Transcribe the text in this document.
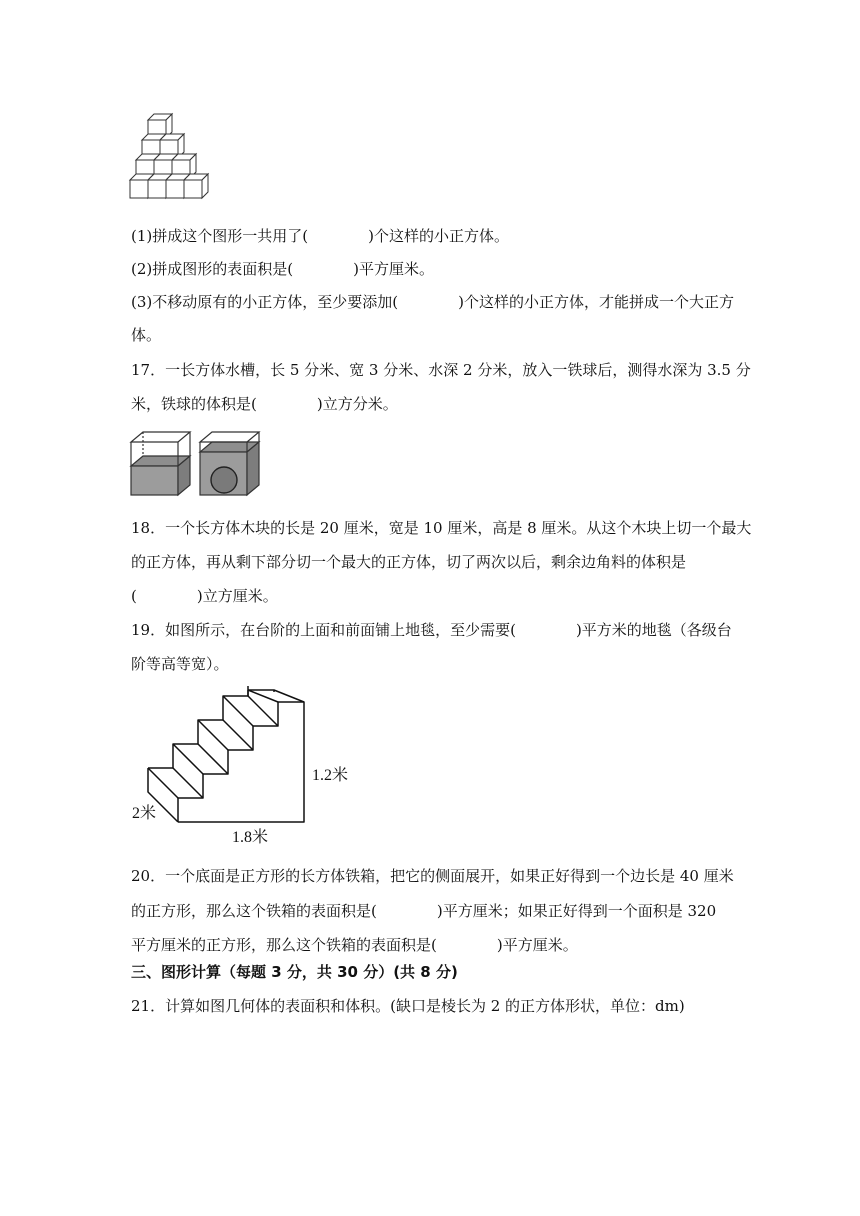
(1)拼成这个图形一共用了(　　　　)个这样的小正方体。
(2)拼成图形的表面积是(　　　　)平方厘米。
(3)不移动原有的小正方体，至少要添加(　　　　)个这样的小正方体，才能拼成一个大正方
体。
17．一长方体水槽，长 5 分米、宽 3 分米、水深 2 分米，放入一铁球后，测得水深为 3.5 分
米，铁球的体积是(　　　　)立方分米。
18．一个长方体木块的长是 20 厘米，宽是 10 厘米，高是 8 厘米。从这个木块上切一个最大
的正方体，再从剩下部分切一个最大的正方体，切了两次以后，剩余边角料的体积是
(　　　　)立方厘米。
19．如图所示，在台阶的上面和前面铺上地毯，至少需要(　　　　)平方米的地毯（各级台
阶等高等宽）。
1.2米
2米
1.8米
20．一个底面是正方形的长方体铁箱，把它的侧面展开，如果正好得到一个边长是 40 厘米
的正方形，那么这个铁箱的表面积是(　　　　)平方厘米；如果正好得到一个面积是 320
平方厘米的正方形，那么这个铁箱的表面积是(　　　　)平方厘米。
三、图形计算（每题 3 分，共 30 分）(共 8 分)
21．计算如图几何体的表面积和体积。(缺口是棱长为 2 的正方体形状，单位：dm)
